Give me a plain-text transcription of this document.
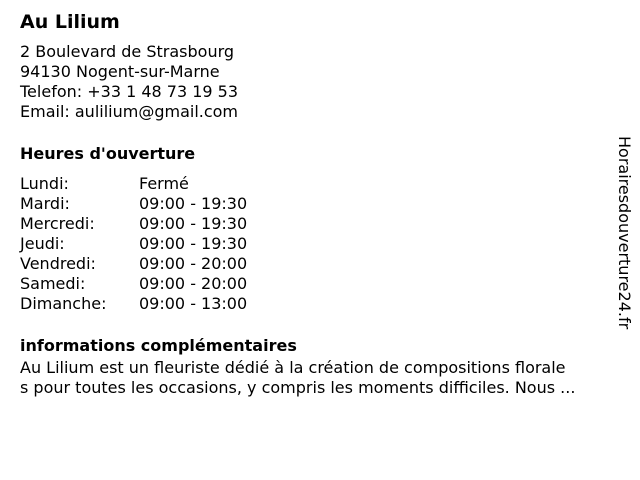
Au Lilium
2 Boulevard de Strasbourg
94130 Nogent-sur-Marne
Telefon: +33 1 48 73 19 53
Email: aulilium@gmail.com
Heures d'ouverture
Lundi:	Fermé
Mardi:	09:00 - 19:30
Mercredi:	09:00 - 19:30
Jeudi:	09:00 - 19:30
Vendredi:	09:00 - 20:00
Samedi:	09:00 - 20:00
Dimanche: 09:00 - 13:00
informations complémentaires
Au Lilium est un fleuriste dédié à la création de compositions florale
s pour toutes les occasions, y compris les moments difficiles. Nous ...
Horairesdouverture24.fr
